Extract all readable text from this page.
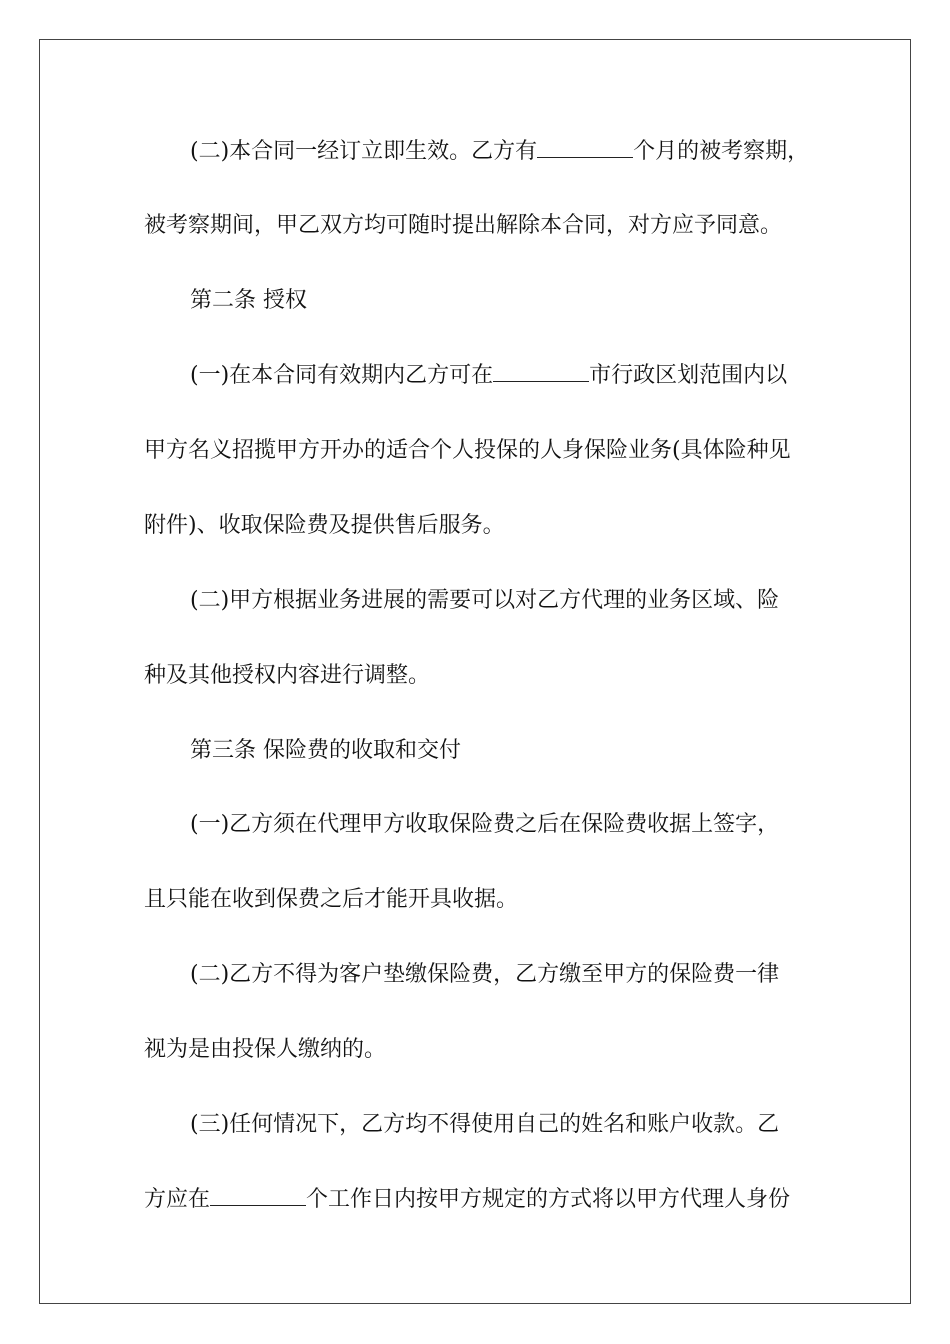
(二)本合同一经订立即生效。乙方有	个月的被考察期，
被考察期间，甲乙双方均可随时提出解除本合同，对方应予同意。
第二条 授权
(一)在本合同有效期内乙方可在	市行政区划范围内以
甲方名义招揽甲方开办的适合个人投保的人身保险业务(具体险种见
附件)、收取保险费及提供售后服务。
(二)甲方根据业务进展的需要可以对乙方代理的业务区域、险
种及其他授权内容进行调整。
第三条 保险费的收取和交付
(一)乙方须在代理甲方收取保险费之后在保险费收据上签字，
且只能在收到保费之后才能开具收据。
(二)乙方不得为客户垫缴保险费，乙方缴至甲方的保险费一律
视为是由投保人缴纳的。
(三)任何情况下，乙方均不得使用自己的姓名和账户收款。乙
方应在	个工作日内按甲方规定的方式将以甲方代理人身份
